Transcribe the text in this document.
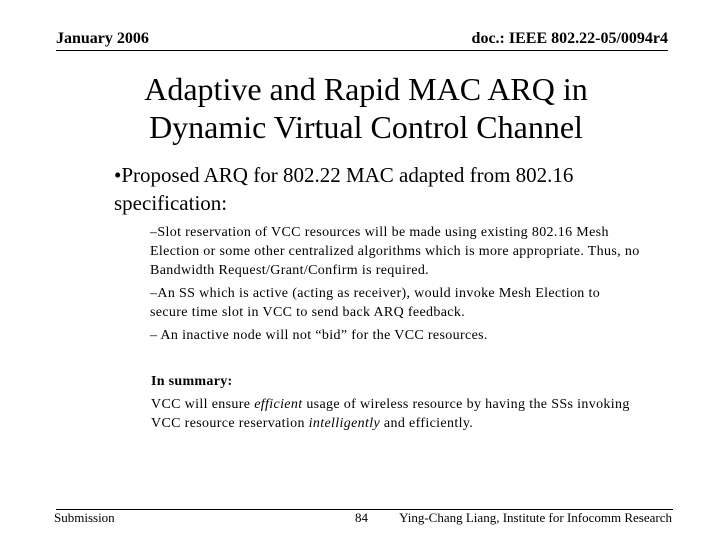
January 2006	doc.: IEEE 802.22-05/0094r4
Adaptive and Rapid MAC ARQ in
Dynamic Virtual Control Channel
•Proposed ARQ for 802.22 MAC adapted from 802.16 specification:
–Slot reservation of VCC resources will be made using existing 802.16 Mesh Election or some other centralized algorithms which is more appropriate. Thus, no Bandwidth Request/Grant/Confirm is required.
–An SS which is active (acting as receiver), would invoke Mesh Election to secure time slot in VCC to send back ARQ feedback.
– An inactive node will not “bid” for the VCC resources.
In summary:
VCC will ensure efficient usage of wireless resource by having the SSs invoking VCC resource reservation intelligently and efficiently.
Submission	84 Ying-Chang Liang, Institute for Infocomm Research
